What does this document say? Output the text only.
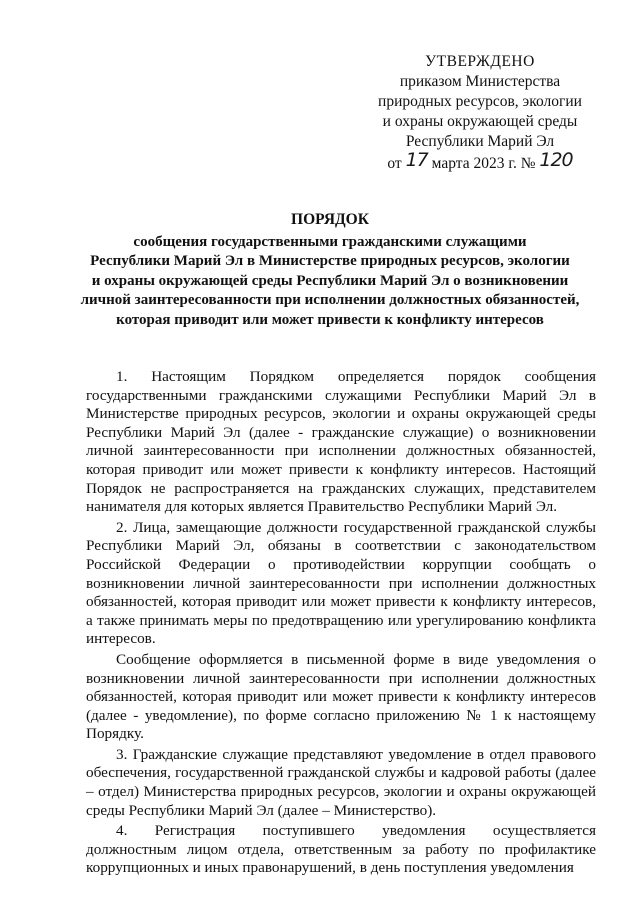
УТВЕРЖДЕНО
приказом Министерства
природных ресурсов, экологии
и охраны окружающей среды
Республики Марий Эл
от 17 марта 2023 г. № 120
ПОРЯДОК
сообщения государственными гражданскими служащими
Республики Марий Эл в Министерстве природных ресурсов, экологии
и охраны окружающей среды Республики Марий Эл о возникновении
личной заинтересованности при исполнении должностных обязанностей,
которая приводит или может привести к конфликту интересов

1. Настоящим Порядком определяется порядок сообщения государственными гражданскими служащими Республики Марий Эл в Министерстве природных ресурсов, экологии и охраны окружающей среды Республики Марий Эл (далее - гражданские служащие) о возникновении личной заинтересованности при исполнении должностных обязанностей, которая приводит или может привести к конфликту интересов. Настоящий Порядок не распространяется на гражданских служащих, представителем нанимателя для которых является Правительство Республики Марий Эл.

2. Лица, замещающие должности государственной гражданской службы Республики Марий Эл, обязаны в соответствии с законодательством Российской Федерации о противодействии коррупции сообщать о возникновении личной заинтересованности при исполнении должностных обязанностей, которая приводит или может привести к конфликту интересов, а также принимать меры по предотвращению или урегулированию конфликта интересов.

Сообщение оформляется в письменной форме в виде уведомления о возникновении личной заинтересованности при исполнении должностных обязанностей, которая приводит или может привести к конфликту интересов (далее - уведомление), по форме согласно приложению № 1 к настоящему Порядку.

3. Гражданские служащие представляют уведомление в отдел правового обеспечения, государственной гражданской службы и кадровой работы (далее – отдел) Министерства природных ресурсов, экологии и охраны окружающей среды Республики Марий Эл (далее – Министерство).

4. Регистрация поступившего уведомления осуществляется должностным лицом отдела, ответственным за работу по профилактике коррупционных и иных правонарушений, в день поступления уведомления
